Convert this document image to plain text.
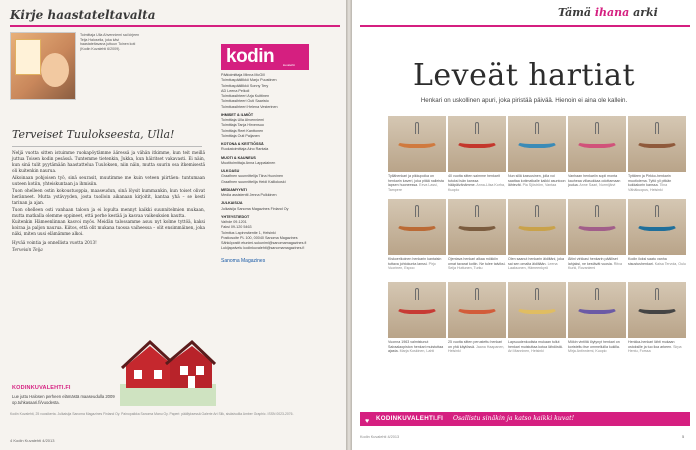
Kirje haastateltavalta
Toimittaja Ulla Ahvenniemi sai kirjeen Teija Halosella, joka kävi haastateltavana juttuun Toinen koti (Kodin Kuvalehti 6/2009).
Terveiset Tuulokseesta, Ulla!

Neljä vuotta sitten istuimme ruokapöytämme ääressä ja vähän itkimme, kun teit meillä juttua Toisen kodin pesässä. Tuntemme tietenkin, Jukka, kun häiritset vakavasti. Ei näin, kun sinä tulit pyytämään haastattelua Tuuloksen, niin näin, mutta suurin osa itkemisestä oli kuitenkin naurua.

Aikoinaan pohjoisen työ, sinä seurasit, muutimme me kuin veteen piirtäen: tuntumaan uuteen kotiin, yhteiskuntaan ja ihmisiin.

Tuon ohelleen ostin kokoustuoppia, maaseudun, sinä löysit kummankin, kun toiset olivat heränneet. Mutta ystävyyden, josta tuolloin aikanaan kirjoitit, kantaa yhä – se kesti tarinan ja ajan.

Tuon ohelleen osti vanhaan taloon ja ei lopulta mennyt kaikki suunnitelmien mukaan, mutta matkalla olemme oppineet, että perhe kestää ja kasvaa vaikeuksien kautta.

Kuitenkin Hämeenlinnan kasvoi myös. Meidän talossamme asuu nyt kolme tyttöä, kaksi koiraa ja paljon naurua. Kiitos, että olit mukana tuossa vaiheessa – olit ensimmäinen, joka näki, miten uusi elämämme alkoi.

Hyvää vointia ja onnellista vuotta 2013!

Terveisin Teija

KODINKUVALEHTI.FI
Lue juttu Halosen perheen elämästä maaseudulla 2009 op.tuhkasaari.fi/vuodesta.
kodin	kuvalehti
Päätoimittaja Minna McGill
Toimituspäällikkö Marjo Puustinen
Toimituspäällikkö Sonny Tery
AD Leena Pelkoli
Toimitussihteeri Arja Kuittinen
Toimitussihteeri Outi Saaristo
Toimitussihteeri Helena Vesterinen
IHMISET & ILMIÖT
Toimittaja Ulla Ahvenniemi
Toimittaja Tanja Hirvensuo
Toimittaja Reet Kanttonen
Toimittaja Outi Paijanen
KOTONA & KEITTIÖSSÄ
Ruokatoimittaja Aino Rantala
MUOTI & KAUNEUS
Muotitoimittaja Anna Lappalainen
ULKOASU
Graafinen suunnittelija Tiina Huovinen
Graafinen suunnittelija Heidi Kalliokoski
MEDIAMYYNTI
Media assistentti Jenna Pulkkinen
JULKAISIJA
Julkaisija Sanoma Magazines Finland Oy
YHTEYSTIEDOT
Vaihde 09-1201
Faksi 09-120 5463
Toimitus Lapinmäentie 1, Helsinki
Postiosoite PL 100, 00040 Sanoma Magazines
Sähköpostit etunimi.sukunimi@sanomamagazines.fi
Lukijapalvelu kodinkuvalehti@sanomamagazines.fi
Sanoma Magazines
Kodin Kuvalehti, 25 vuosikerta. Julkaisija Sanoma Magazines Finland Oy. Painopaikka Sanoma Manu Oy. Paperi: päällyksessä Galerie Art Silk, sisäsivuilla Amber Graphic. ISSN 0023-2076.
4 Kodin Kuvalehti 4/2013
Tämä ihana arki
Leveät hartiat
Henkari on uskollinen apuri, joka piristää päivää. Hienoin ei aina ole kallein.
Tyllähenkari ja pikkupoika on henkarin kaveri, joka pitää nalleista lapsen huoneessa. Eeva Lassi, Tampere
40 vuotta sitten saimme henkarit tutuksi isän kanssa hääpäivänämme. Anna-Liisa Korha, Kuopio
Nun sillä kasvusinen, jolla voi saattaa kotimatkalle kaikki asuntoon lähtevät. Pia Sjöström, Vantaa
Vanhaan henkariin sopii monta kauheaa villasukkaa odottamaan joulua. Anne Saari, Nurmijärvi
Tyttären ja Pirkko-henkarin muotiolema. Tyttö yli pitkän kukkakorin kanssa. Tiina Vähäkuopus, Helsinki
Kiskoerikoinen henkarin kantaisin tuttava johtokunta lanssi. Pirjo Vuorinen, Espoo
Ojentava henkari alkaa mökkiin omat tavarat kotiin. Ne tulee talviksi. Seija Huttunen, Turku
Olen saanut henkarin äidiltäni, joka sai sen omalta äidiltään. Leena Laaksonen, Hämeenkyrö
Äitini virkkasi henkarin päälliset lahjaksi, ne kestävät vuosia. Ritva Kurki, Rovaniemi
Kodin iloksi saatu vanha sisustushenkari. Kaisa Tervola, Oulu
Vuonna 1963 valmistunut Sairaalaopiston henkari muistuttaa ajasta. Marja Koskinen, Lahti
25 vuotta sitten perustettu henkari on yhä käytössä. Jaana Haapanen, Helsinki
Lapsuudenkodista mukaan tullut henkari muistuttaa kotoa lähdöstä. Ari Manninen, Helsinki
Mökin vintiltä löytynyt henkari on koristeltu itse ommelluilla kukilla. Mirja Antinniemi, Kuopio
Henkka-henkari lähti mukaan ostoksille ja tuo iloa arkeen. Sirpa Hentu, Forssa
♥ KODINKUVALEHTI.FI Osallistu sinäkin ja katso kaikki kuvat!
Kodin Kuvalehti 4/2013	5
